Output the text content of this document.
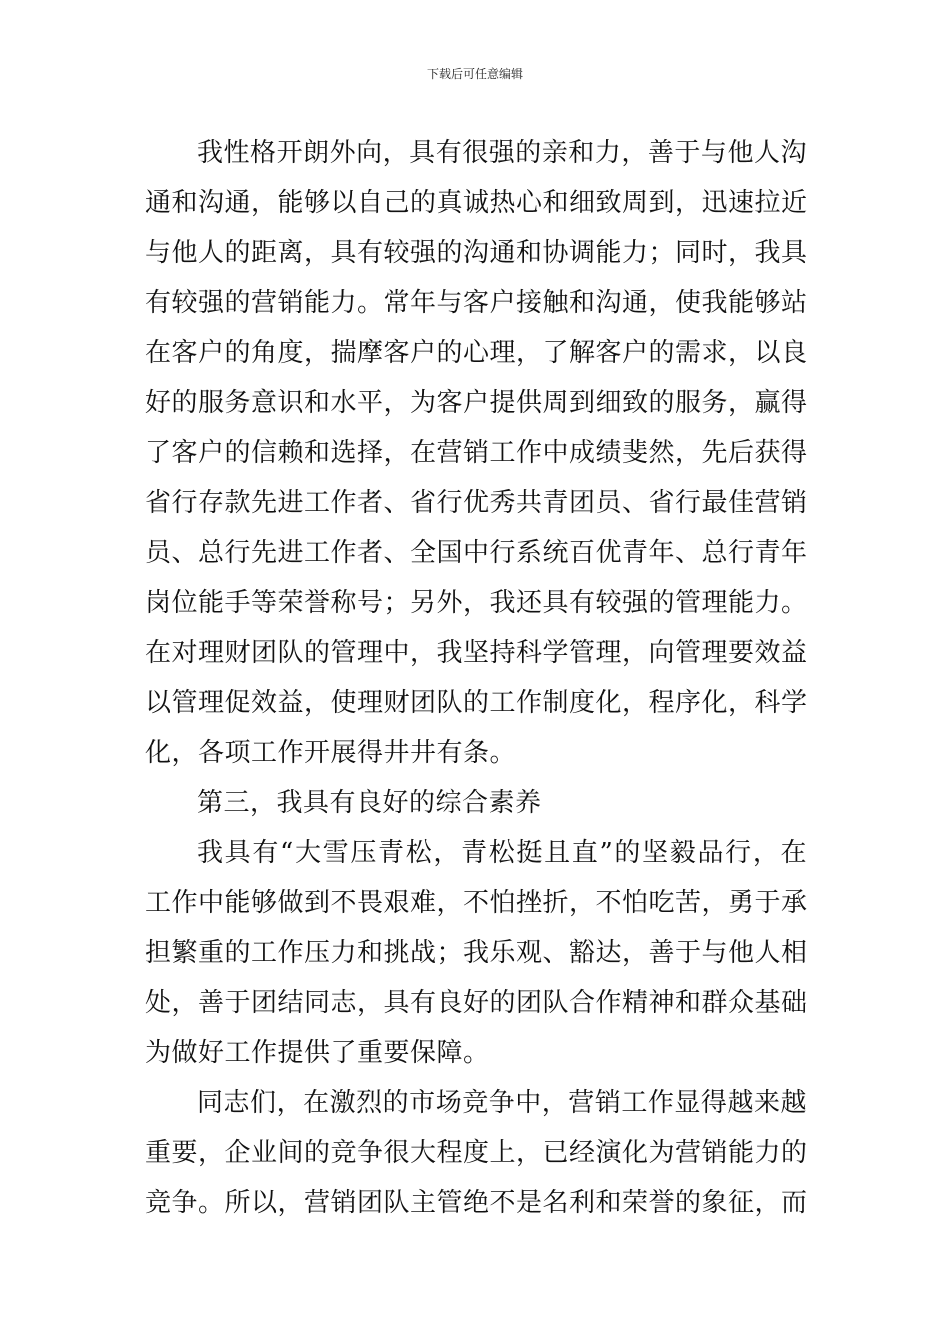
下载后可任意编辑
我性格开朗外向，具有很强的亲和力，善于与他人沟
通和沟通，能够以自己的真诚热心和细致周到，迅速拉近
与他人的距离，具有较强的沟通和协调能力；同时，我具
有较强的营销能力。常年与客户接触和沟通，使我能够站
在客户的角度，揣摩客户的心理，了解客户的需求，以良
好的服务意识和水平，为客户提供周到细致的服务，赢得
了客户的信赖和选择，在营销工作中成绩斐然，先后获得
省行存款先进工作者、省行优秀共青团员、省行最佳营销
员、总行先进工作者、全国中行系统百优青年、总行青年
岗位能手等荣誉称号；另外，我还具有较强的管理能力。
在对理财团队的管理中，我坚持科学管理，向管理要效益
以管理促效益，使理财团队的工作制度化，程序化，科学
化，各项工作开展得井井有条。
第三，我具有良好的综合素养
我具有“大雪压青松，青松挺且直”的坚毅品行，在
工作中能够做到不畏艰难，不怕挫折，不怕吃苦，勇于承
担繁重的工作压力和挑战；我乐观、豁达，善于与他人相
处，善于团结同志，具有良好的团队合作精神和群众基础
为做好工作提供了重要保障。
同志们，在激烈的市场竞争中，营销工作显得越来越
重要，企业间的竞争很大程度上，已经演化为营销能力的
竞争。所以，营销团队主管绝不是名利和荣誉的象征，而
